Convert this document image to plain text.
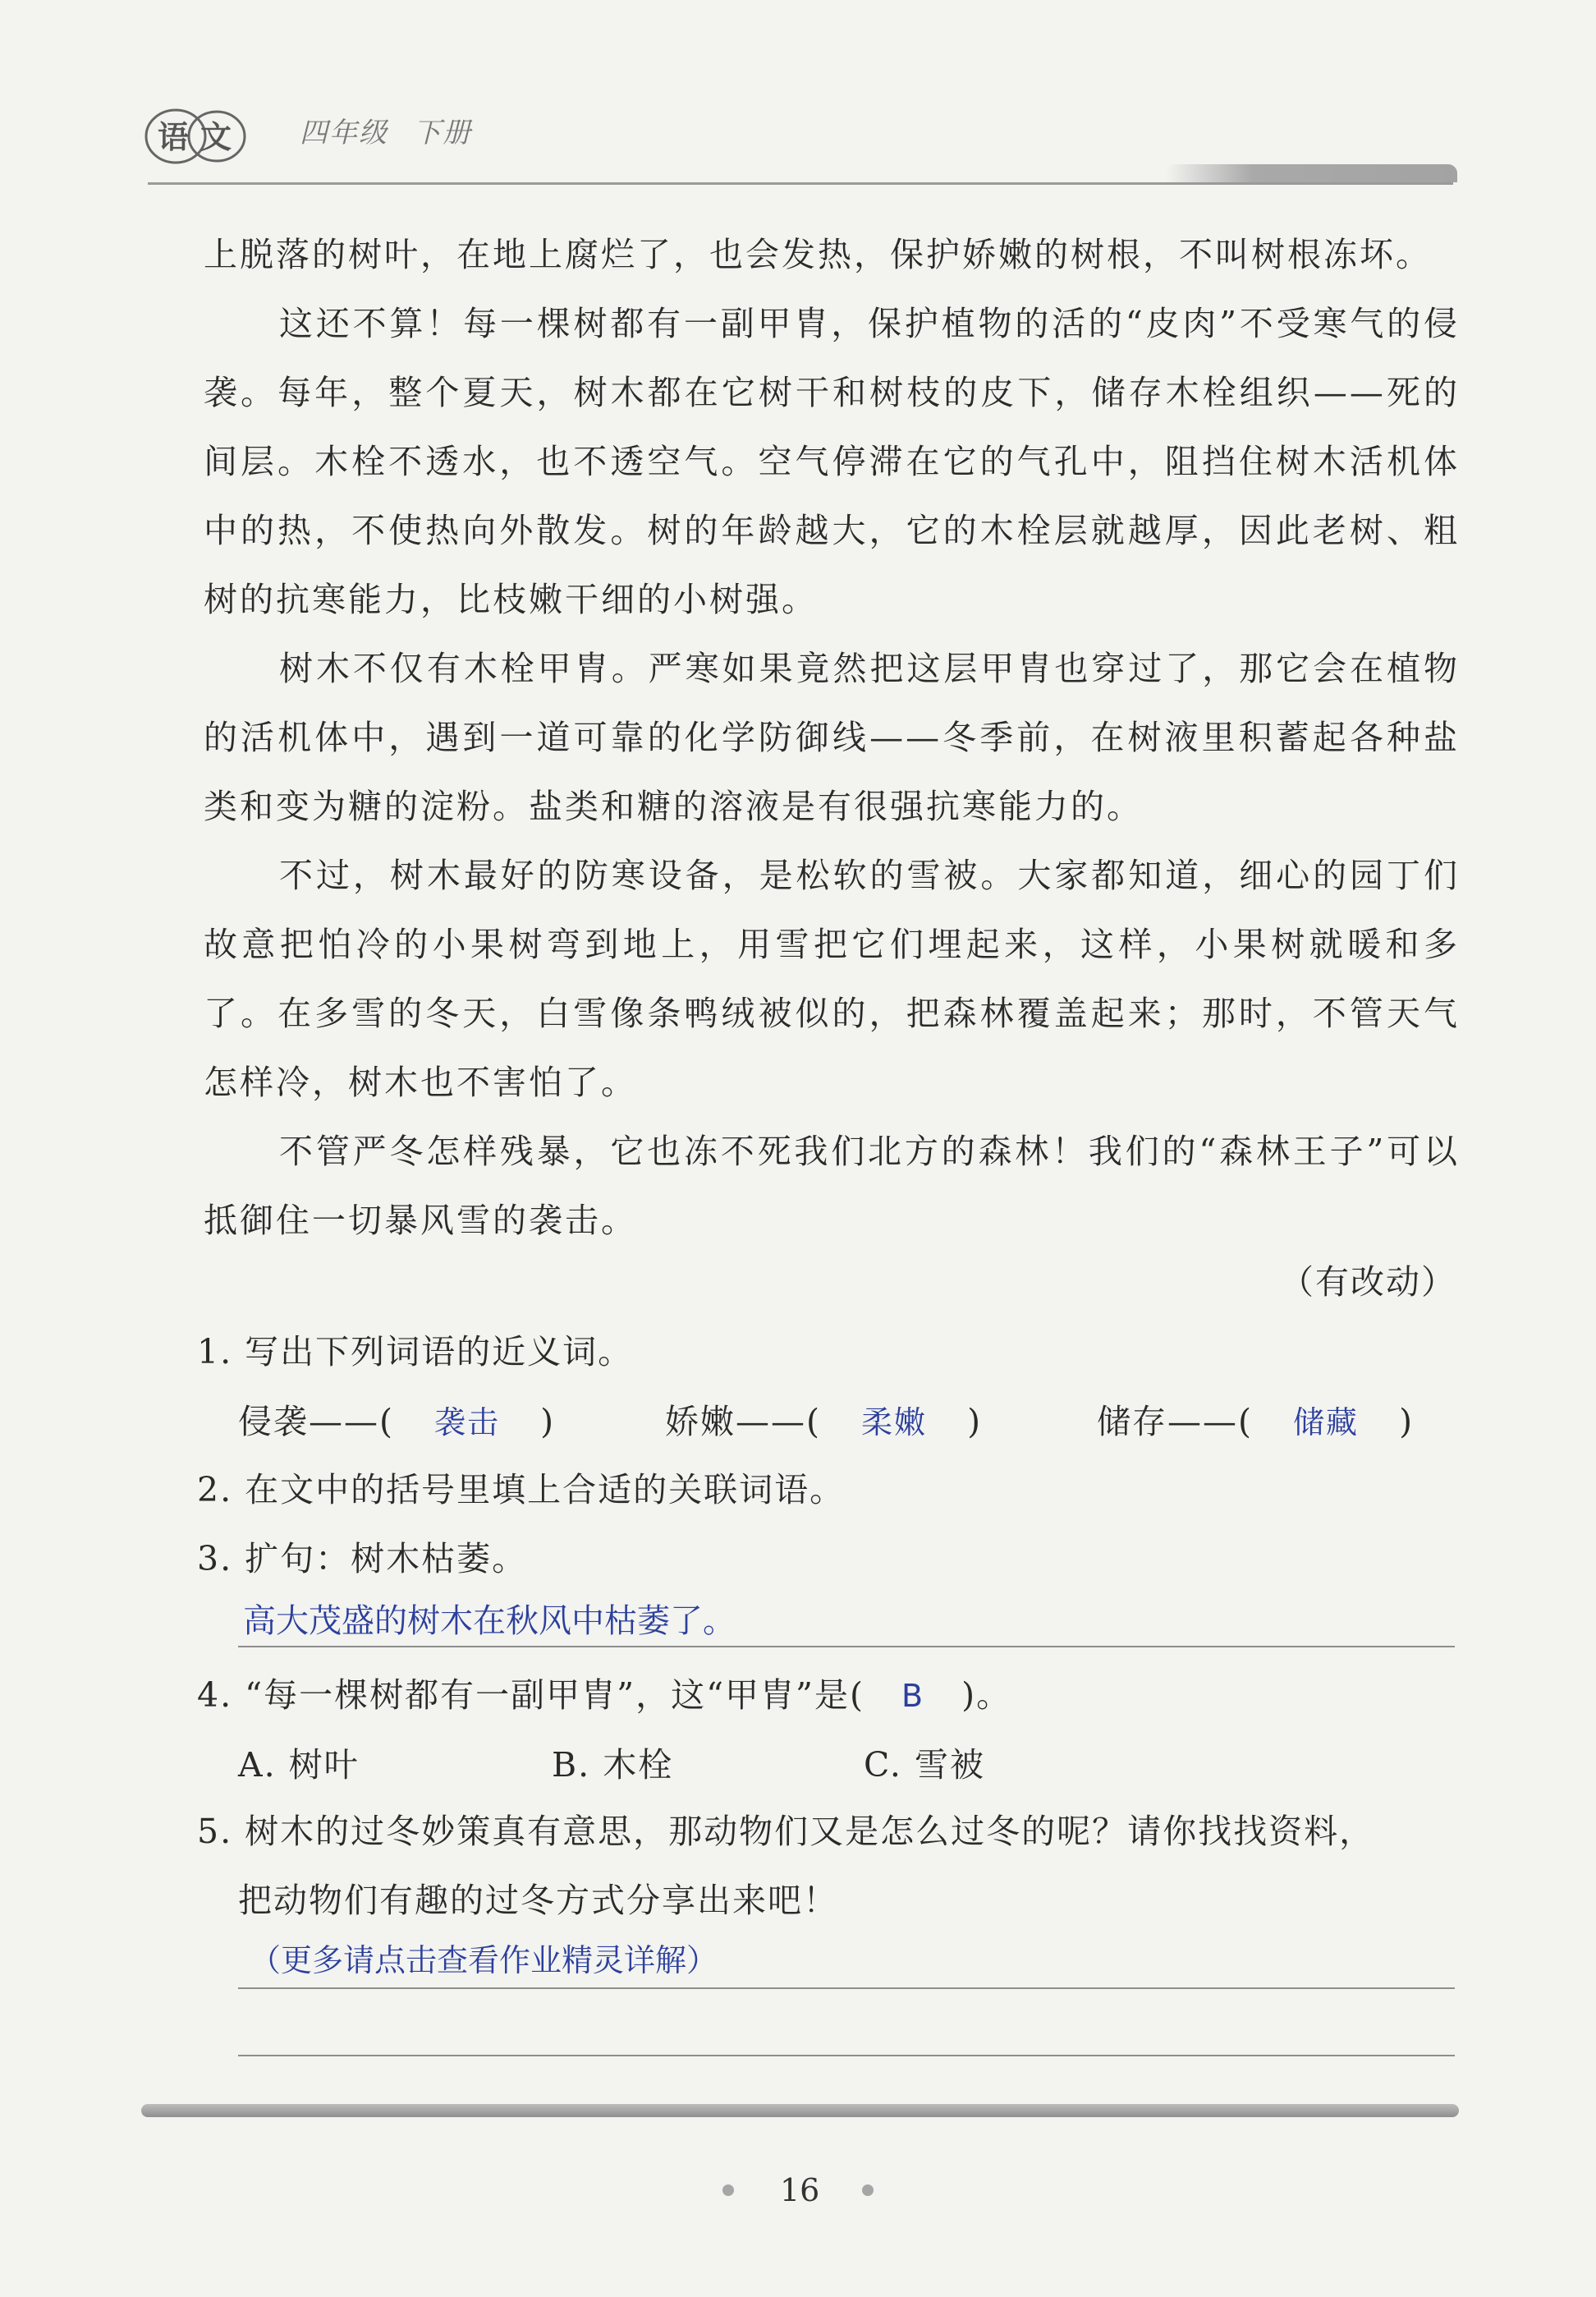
语 文 四年级 下册
上脱落的树叶，在地上腐烂了，也会发热，保护娇嫩的树根，不叫树根冻坏。
这还不算！每一棵树都有一副甲胄，保护植物的活的“皮肉”不受寒气的侵袭。每年，整个夏天，树木都在它树干和树枝的皮下，储存木栓组织——死的间层。木栓不透水，也不透空气。空气停滞在它的气孔中，阻挡住树木活机体中的热，不使热向外散发。树的年龄越大，它的木栓层就越厚，因此老树、粗树的抗寒能力，比枝嫩干细的小树强。
树木不仅有木栓甲胄。严寒如果竟然把这层甲胄也穿过了，那它会在植物的活机体中，遇到一道可靠的化学防御线——冬季前，在树液里积蓄起各种盐类和变为糖的淀粉。盐类和糖的溶液是有很强抗寒能力的。
不过，树木最好的防寒设备，是松软的雪被。大家都知道，细心的园丁们故意把怕冷的小果树弯到地上，用雪把它们埋起来，这样，小果树就暖和多了。在多雪的冬天，白雪像条鸭绒被似的，把森林覆盖起来；那时，不管天气怎样冷，树木也不害怕了。
不管严冬怎样残暴，它也冻不死我们北方的森林！我们的“森林王子”可以抵御住一切暴风雪的袭击。
（有改动）
1. 写出下列词语的近义词。
侵袭——( 袭击 )	娇嫩——( 柔嫩 )	储存——( 储藏 )
2. 在文中的括号里填上合适的关联词语。
3. 扩句：树木枯萎。
高大茂盛的树木在秋风中枯萎了。
4. “每一棵树都有一副甲胄”，这“甲胄”是( B )。
A. 树叶	B. 木栓	C. 雪被
5. 树木的过冬妙策真有意思，那动物们又是怎么过冬的呢？请你找找资料，
把动物们有趣的过冬方式分享出来吧！
（更多请点击查看作业精灵详解）
16
